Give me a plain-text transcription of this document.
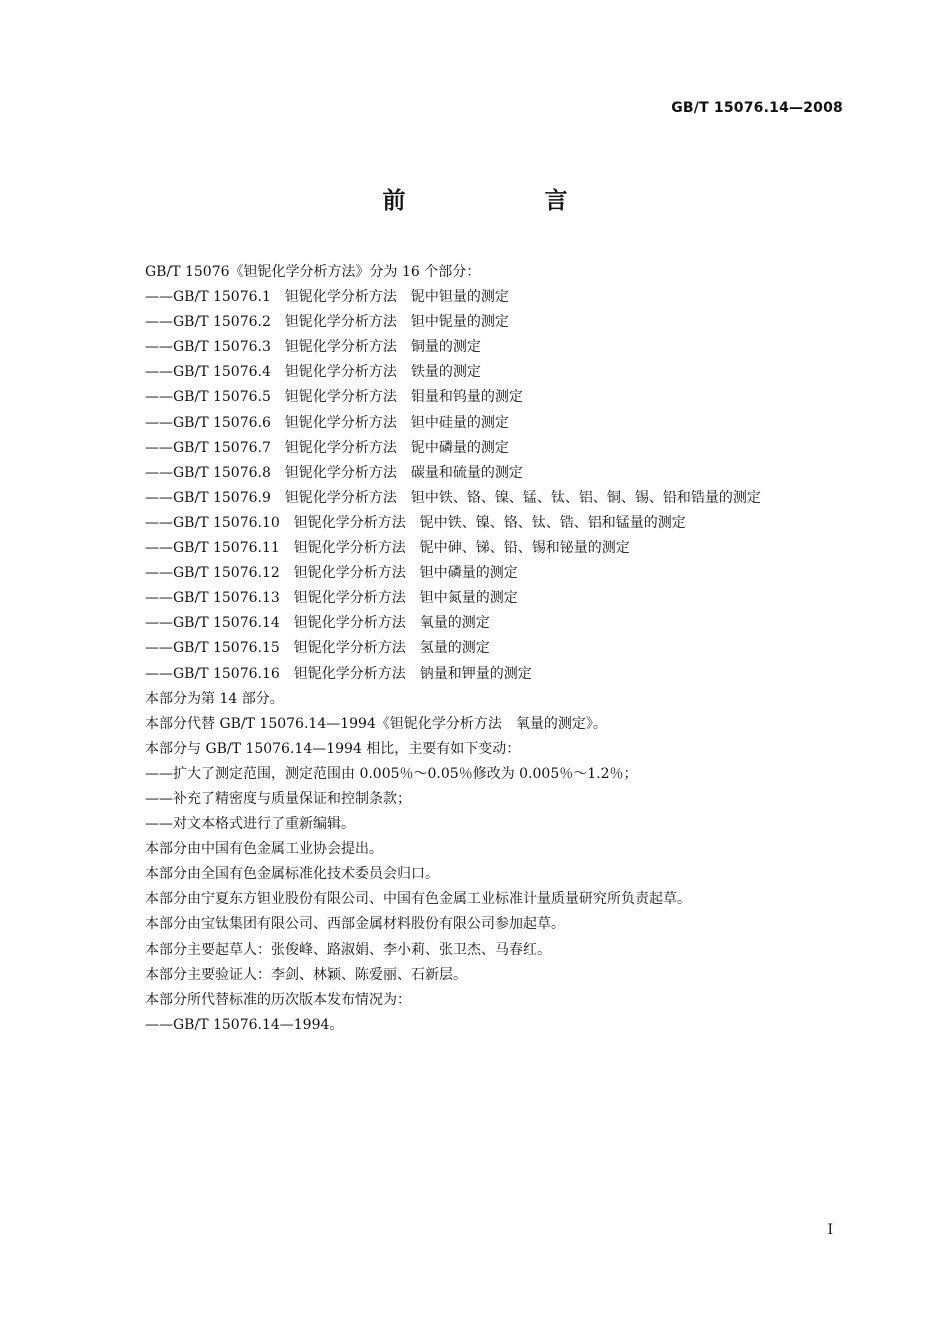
GB/T 15076.14—2008
前　言
GB/T 15076《钽铌化学分析方法》分为 16 个部分：
——GB/T 15076.1 钽铌化学分析方法 铌中钽量的测定
——GB/T 15076.2 钽铌化学分析方法 钽中铌量的测定
——GB/T 15076.3 钽铌化学分析方法 铜量的测定
——GB/T 15076.4 钽铌化学分析方法 铁量的测定
——GB/T 15076.5 钽铌化学分析方法 钼量和钨量的测定
——GB/T 15076.6 钽铌化学分析方法 钽中硅量的测定
——GB/T 15076.7 钽铌化学分析方法 铌中磷量的测定
——GB/T 15076.8 钽铌化学分析方法 碳量和硫量的测定
——GB/T 15076.9 钽铌化学分析方法 钽中铁、铬、镍、锰、钛、铝、铜、锡、铅和锆量的测定
——GB/T 15076.10 钽铌化学分析方法 铌中铁、镍、铬、钛、锆、铝和锰量的测定
——GB/T 15076.11 钽铌化学分析方法 铌中砷、锑、铅、锡和铋量的测定
——GB/T 15076.12 钽铌化学分析方法 钽中磷量的测定
——GB/T 15076.13 钽铌化学分析方法 钽中氮量的测定
——GB/T 15076.14 钽铌化学分析方法 氧量的测定
——GB/T 15076.15 钽铌化学分析方法 氢量的测定
——GB/T 15076.16 钽铌化学分析方法 钠量和钾量的测定
本部分为第 14 部分。
本部分代替 GB/T 15076.14—1994《钽铌化学分析方法　氧量的测定》。
本部分与 GB/T 15076.14—1994 相比，主要有如下变动：
——扩大了测定范围，测定范围由 0.005％～0.05％修改为 0.005％～1.2％；
——补充了精密度与质量保证和控制条款；
——对文本格式进行了重新编辑。
本部分由中国有色金属工业协会提出。
本部分由全国有色金属标准化技术委员会归口。
本部分由宁夏东方钽业股份有限公司、中国有色金属工业标准计量质量研究所负责起草。
本部分由宝钛集团有限公司、西部金属材料股份有限公司参加起草。
本部分主要起草人：张俊峰、路淑娟、李小莉、张卫杰、马春红。
本部分主要验证人：李剑、林颖、陈爱丽、石新层。
本部分所代替标准的历次版本发布情况为：
——GB/T 15076.14—1994。
I
